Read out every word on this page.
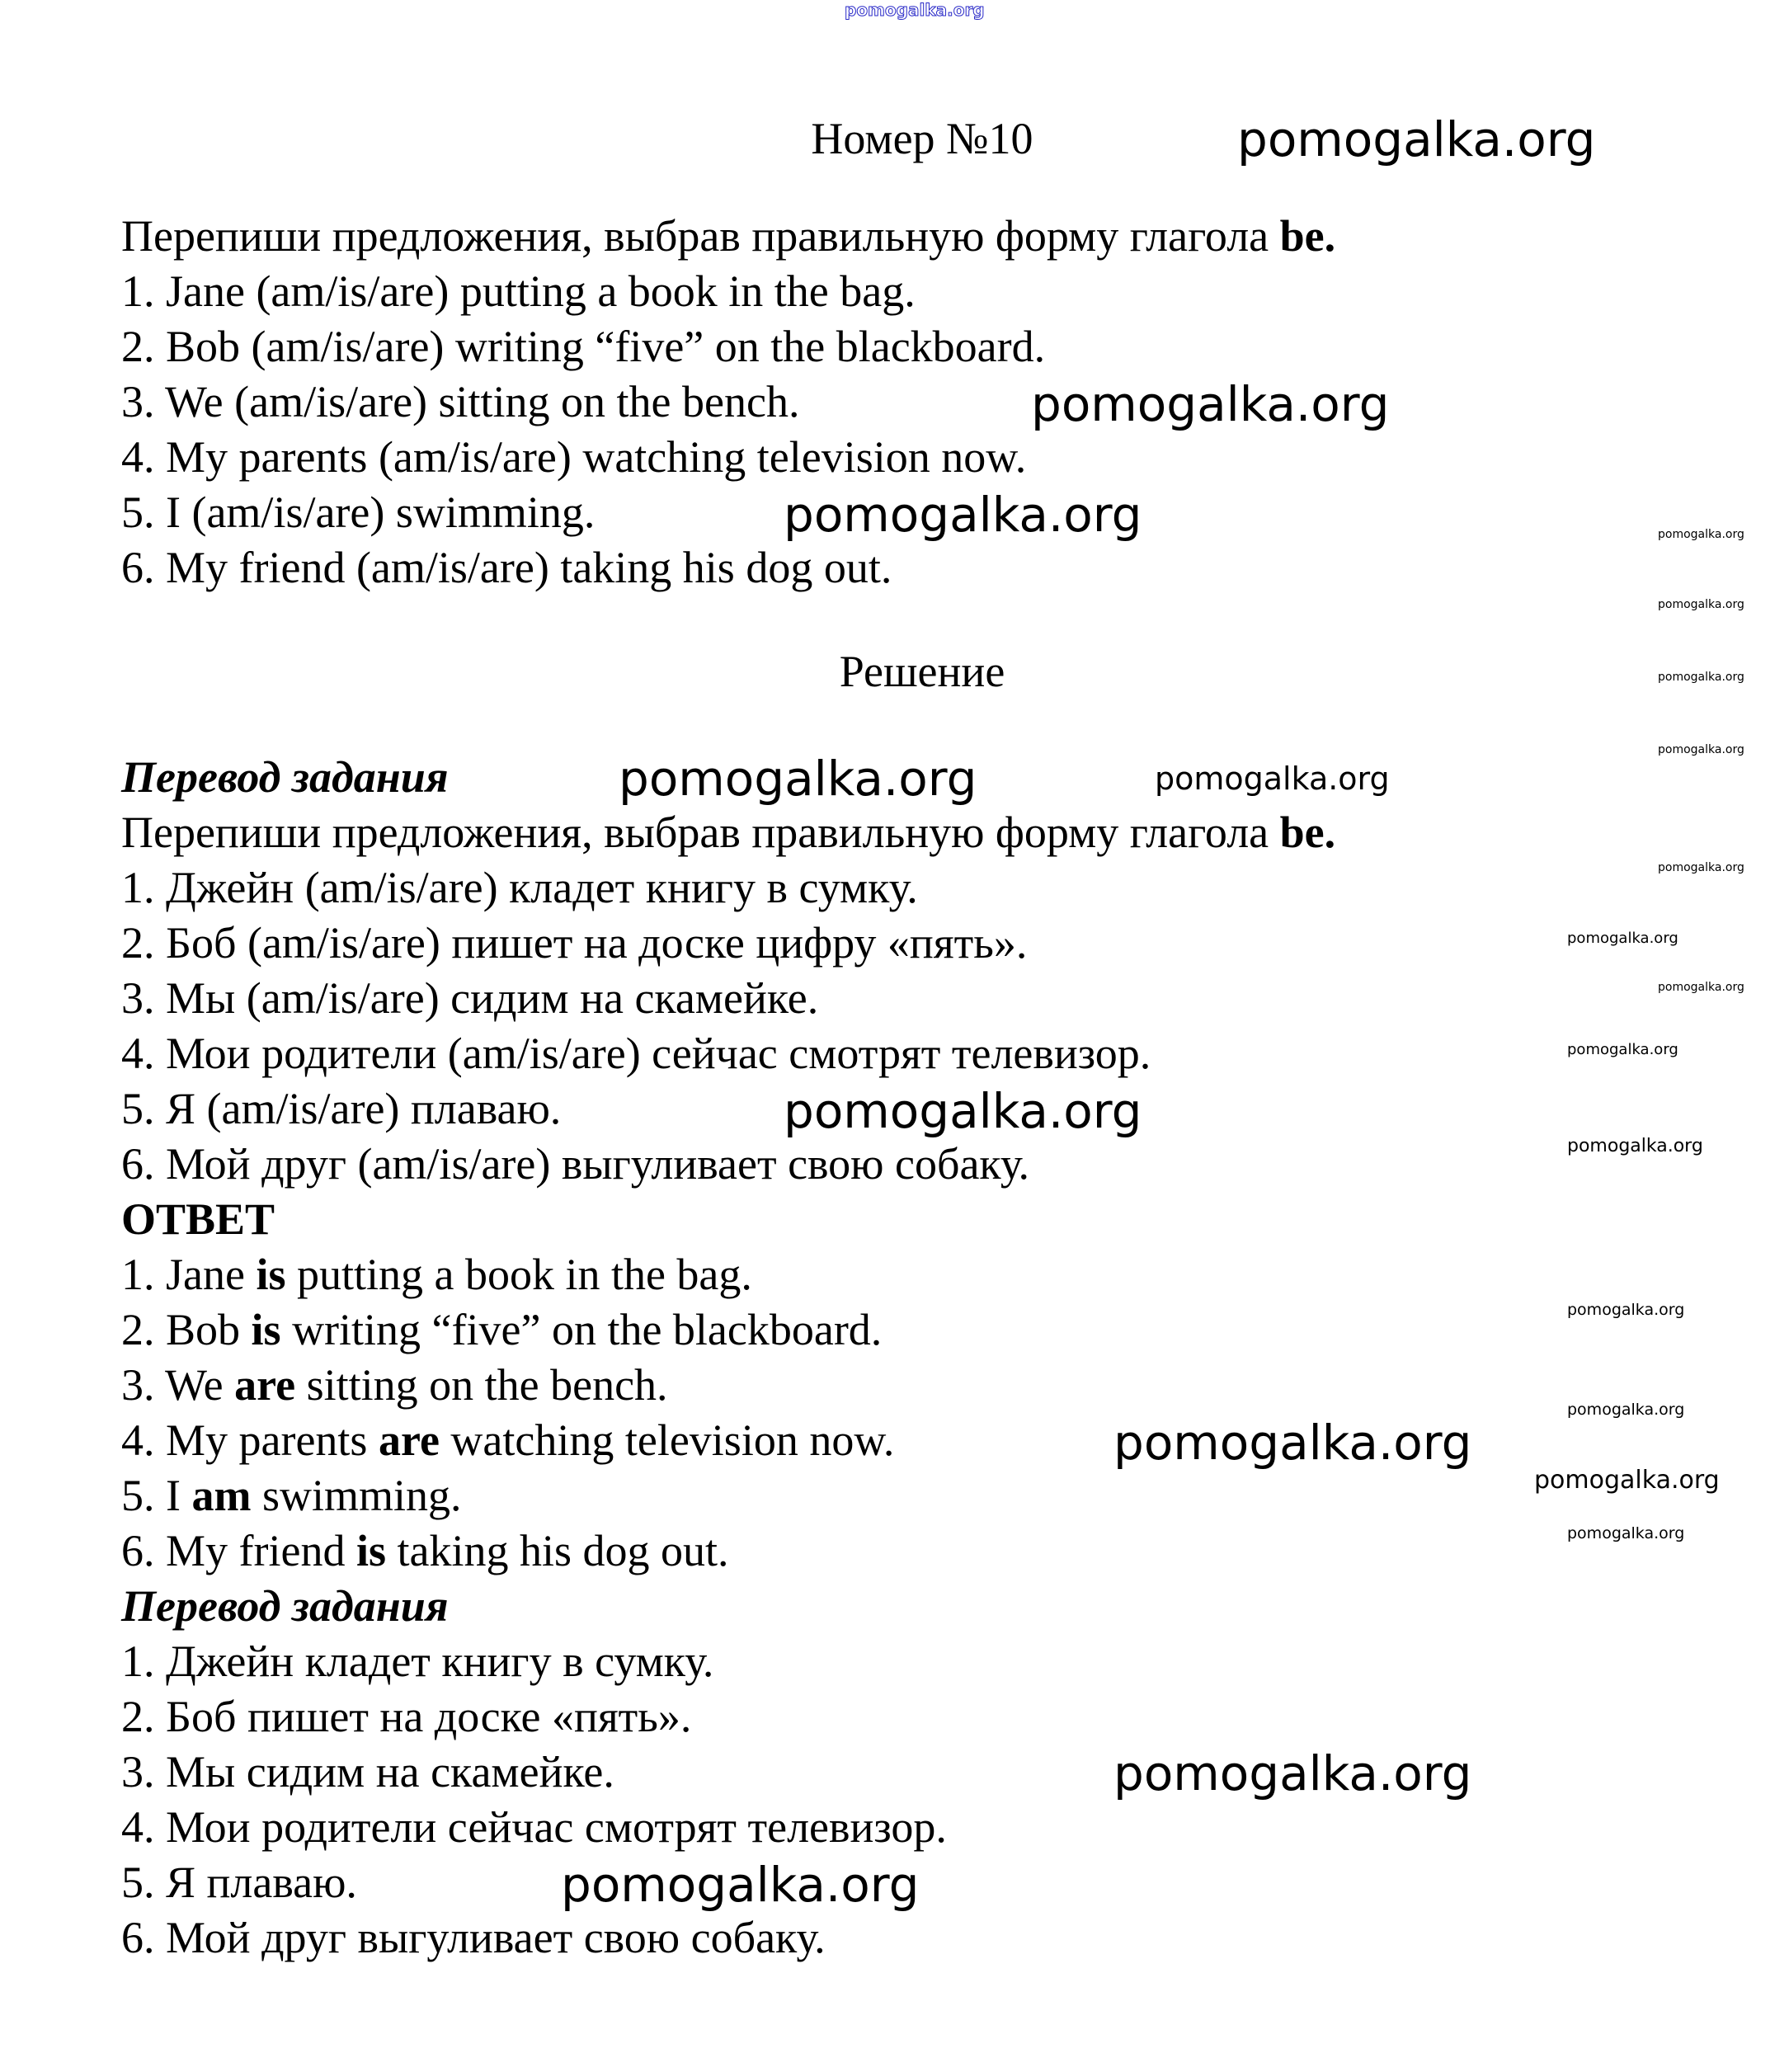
pomogalka.org
Номер №10
Перепиши предложения, выбрав правильную форму глагола be.
1. Jane (am/is/are) putting a book in the bag.
2. Bob (am/is/are) writing “five” on the blackboard.
3. We (am/is/are) sitting on the bench.
4. My parents (am/is/are) watching television now.
5. I (am/is/are) swimming.
6. My friend (am/is/are) taking his dog out.
Решение
Перевод задания
Перепиши предложения, выбрав правильную форму глагола be.
1. Джейн (am/is/are) кладет книгу в сумку.
2. Боб (am/is/are) пишет на доске цифру «пять».
3. Мы (am/is/are) сидим на скамейке.
4. Мои родители (am/is/are) сейчас смотрят телевизор.
5. Я (am/is/are) плаваю.
6. Мой друг (am/is/are) выгуливает свою собаку.
ОТВЕТ
1. Jane is putting a book in the bag.
2. Bob is writing “five” on the blackboard.
3. We are sitting on the bench.
4. My parents are watching television now.
5. I am swimming.
6. My friend is taking his dog out.
Перевод задания
1. Джейн кладет книгу в сумку.
2. Боб пишет на доске «пять».
3. Мы сидим на скамейке.
4. Мои родители сейчас смотрят телевизор.
5. Я плаваю.
6. Мой друг выгуливает свою собаку.
pomogalka.org
pomogalka.org
pomogalka.org
pomogalka.org	pomogalka.org
pomogalka.org
pomogalka.org
pomogalka.org
pomogalka.org
pomogalka.org
pomogalka.org
pomogalka.org
pomogalka.org
pomogalka.org
pomogalka.org
pomogalka.org
pomogalka.org
pomogalka.org
pomogalka.org
pomogalka.org
pomogalka.org
pomogalka.org
